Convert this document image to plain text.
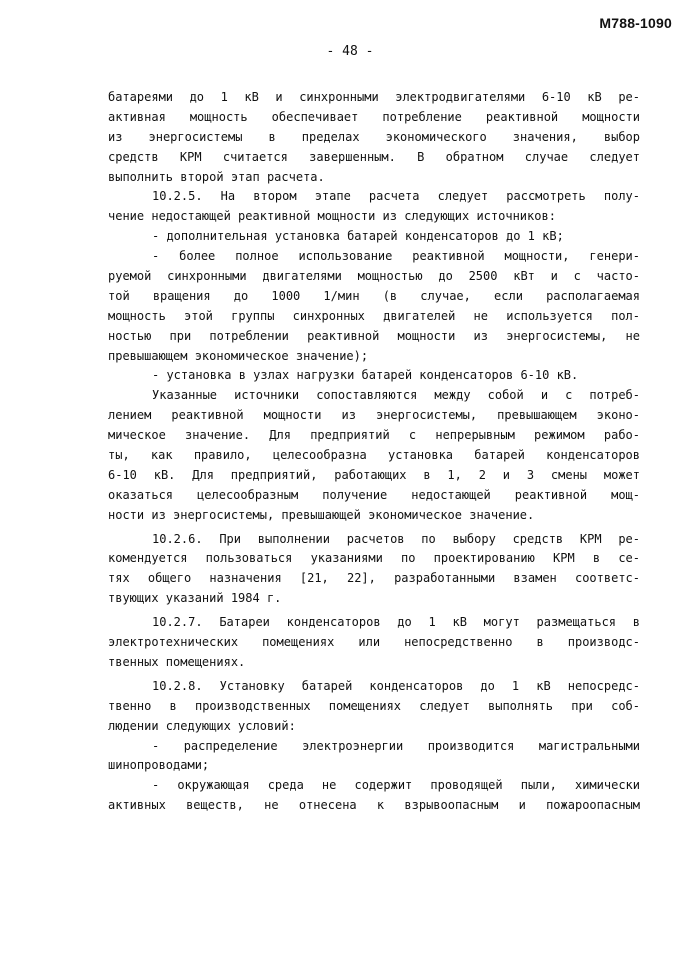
М788-1090
- 48 -
батареями до 1 кВ и синхронными электродвигателями 6-10 кВ ре-
активная мощность обеспечивает потребление реактивной мощности
из энергосистемы в пределах экономического значения, выбор
средств КРМ считается завершенным. В обратном случае следует
выполнить второй этап расчета.
10.2.5. На втором этапе расчета следует рассмотреть полу-
чение недостающей реактивной мощности из следующих источников:
- дополнительная установка батарей конденсаторов до 1 кВ;
- более полное использование реактивной мощности, генери-
руемой синхронными двигателями мощностью до 2500 кВт и с часто-
той вращения до 1000 1/мин (в случае, если располагаемая
мощность этой группы синхронных двигателей не используется пол-
ностью при потреблении реактивной мощности из энергосистемы, не
превышающем экономическое значение);
- установка в узлах нагрузки батарей конденсаторов 6-10 кВ.
Указанные источники сопоставляются между собой и с потреб-
лением реактивной мощности из энергосистемы, превышающем эконо-
мическое значение. Для предприятий с непрерывным режимом рабо-
ты, как правило, целесообразна установка батарей конденсаторов
6-10 кВ. Для предприятий, работающих в 1, 2 и 3 смены может
оказаться целесообразным получение недостающей реактивной мощ-
ности из энергосистемы, превышающей экономическое значение.
10.2.6. При выполнении расчетов по выбору средств КРМ ре-
комендуется пользоваться указаниями по проектированию КРМ в се-
тях общего назначения [21, 22], разработанными взамен соответс-
твующих указаний 1984 г.
10.2.7. Батареи конденсаторов до 1 кВ могут размещаться в
электротехнических помещениях или непосредственно в производс-
твенных помещениях.
10.2.8. Установку батарей конденсаторов до 1 кВ непосредс-
твенно в производственных помещениях следует выполнять при соб-
людении следующих условий:
- распределение электроэнергии производится магистральными
шинопроводами;
- окружающая среда не содержит проводящей пыли, химически
активных веществ, не отнесена к взрывоопасным и пожароопасным
